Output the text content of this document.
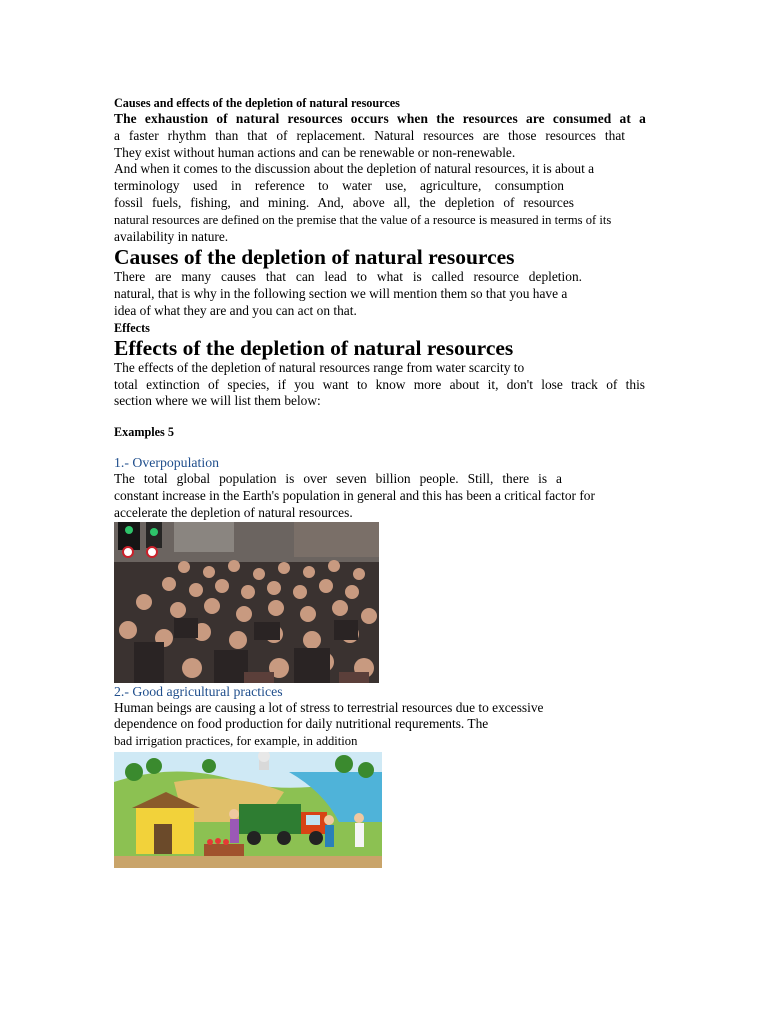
Causes and effects of the depletion of natural resources
The exhaustion of natural resources occurs when the resources are consumed at a
a faster rhythm than that of replacement. Natural resources are those resources that
They exist without human actions and can be renewable or non-renewable.
And when it comes to the discussion about the depletion of natural resources, it is about a
terminology used in reference to water use, agriculture, consumption
fossil fuels, fishing, and mining. And, above all, the depletion of resources
natural resources are defined on the premise that the value of a resource is measured in terms of its
availability in nature.
Causes of the depletion of natural resources
There are many causes that can lead to what is called resource depletion.
natural, that is why in the following section we will mention them so that you have a
idea of what they are and you can act on that.
Effects
Effects of the depletion of natural resources
The effects of the depletion of natural resources range from water scarcity to
total extinction of species, if you want to know more about it, don't lose track of this
section where we will list them below:
Examples 5
1.- Overpopulation
The total global population is over seven billion people. Still, there is a
constant increase in the Earth's population in general and this has been a critical factor for
accelerate the depletion of natural resources.
2.- Good agricultural practices
Human beings are causing a lot of stress to terrestrial resources due to excessive
dependence on food production for daily nutritional requrements. The
bad irrigation practices, for example, in addition
